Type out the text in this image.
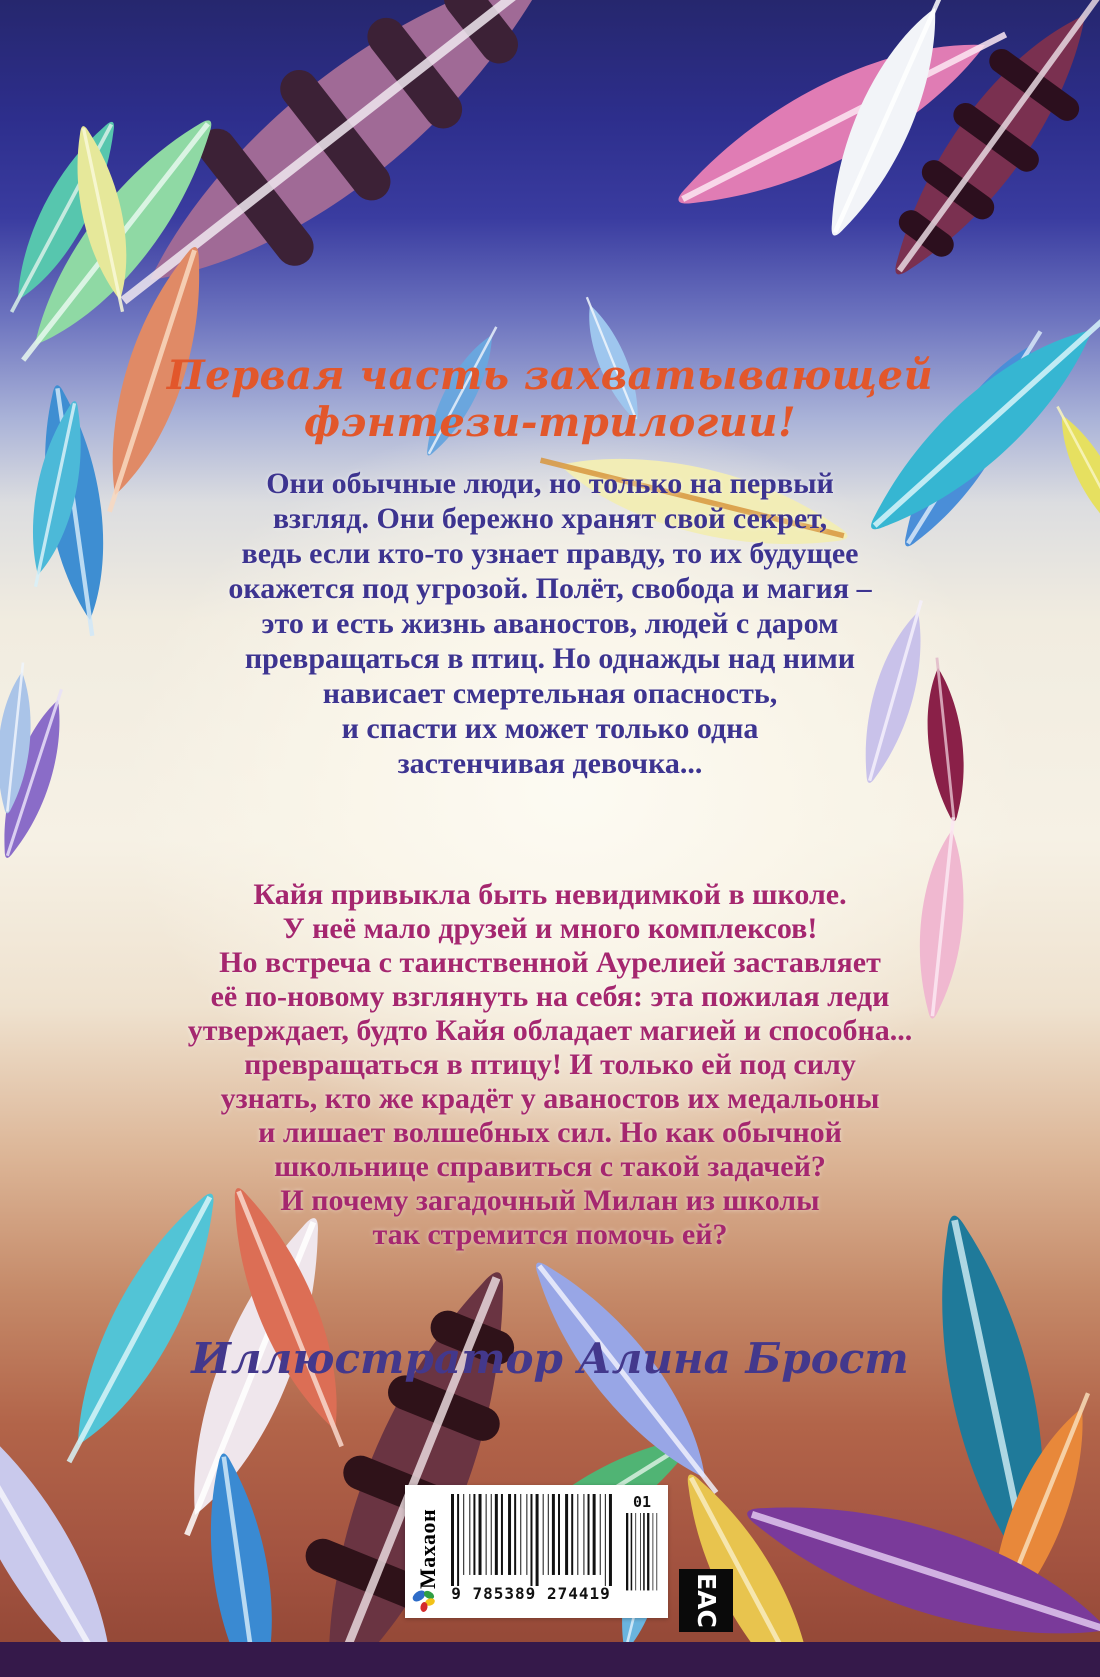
Первая часть захватывающей
фэнтези-трилогии!
Они обычные люди, но только на первый
взгляд. Они бережно хранят свой секрет,
ведь если кто-то узнает правду, то их будущее
окажется под угрозой. Полёт, свобода и магия –
это и есть жизнь аваностов, людей с даром
превращаться в птиц. Но однажды над ними
нависает смертельная опасность,
и спасти их может только одна
застенчивая девочка...
Кайя привыкла быть невидимкой в школе.
У неё мало друзей и много комплексов!
Но встреча с таинственной Аурелией заставляет
её по-новому взглянуть на себя: эта пожилая леди
утверждает, будто Кайя обладает магией и способна...
превращаться в птицу! И только ей под силу
узнать, кто же крадёт у аваностов их медальоны
и лишает волшебных сил. Но как обычной
школьнице справиться с такой задачей?
И почему загадочный Милан из школы
так стремится помочь ей?
Иллюстратор Алина Брост
Махаон
9 785389 274419
01
ЕАС
